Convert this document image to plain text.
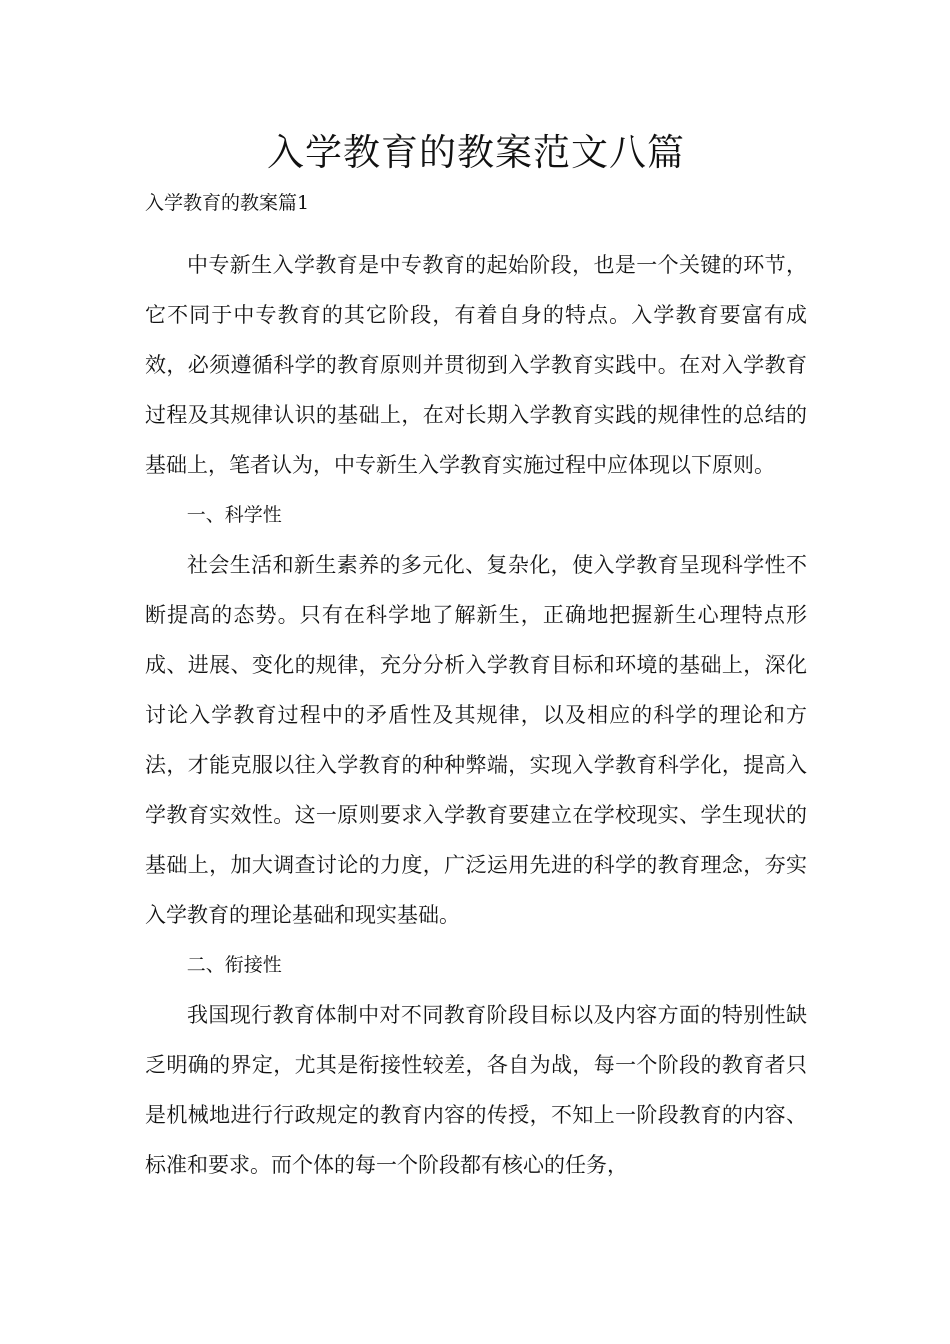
入学教育的教案范文八篇
入学教育的教案篇1

中专新生入学教育是中专教育的起始阶段，也是一个关键的环节，它不同于中专教育的其它阶段，有着自身的特点。入学教育要富有成效，必须遵循科学的教育原则并贯彻到入学教育实践中。在对入学教育过程及其规律认识的基础上，在对长期入学教育实践的规律性的总结的基础上，笔者认为，中专新生入学教育实施过程中应体现以下原则。

一、科学性

社会生活和新生素养的多元化、复杂化，使入学教育呈现科学性不断提高的态势。只有在科学地了解新生，正确地把握新生心理特点形成、进展、变化的规律，充分分析入学教育目标和环境的基础上，深化讨论入学教育过程中的矛盾性及其规律，以及相应的科学的理论和方法，才能克服以往入学教育的种种弊端，实现入学教育科学化，提高入学教育实效性。这一原则要求入学教育要建立在学校现实、学生现状的基础上，加大调查讨论的力度，广泛运用先进的科学的教育理念，夯实入学教育的理论基础和现实基础。

二、衔接性

我国现行教育体制中对不同教育阶段目标以及内容方面的特别性缺乏明确的界定，尤其是衔接性较差，各自为战，每一个阶段的教育者只是机械地进行行政规定的教育内容的传授，不知上一阶段教育的内容、标准和要求。而个体的每一个阶段都有核心的任务，
